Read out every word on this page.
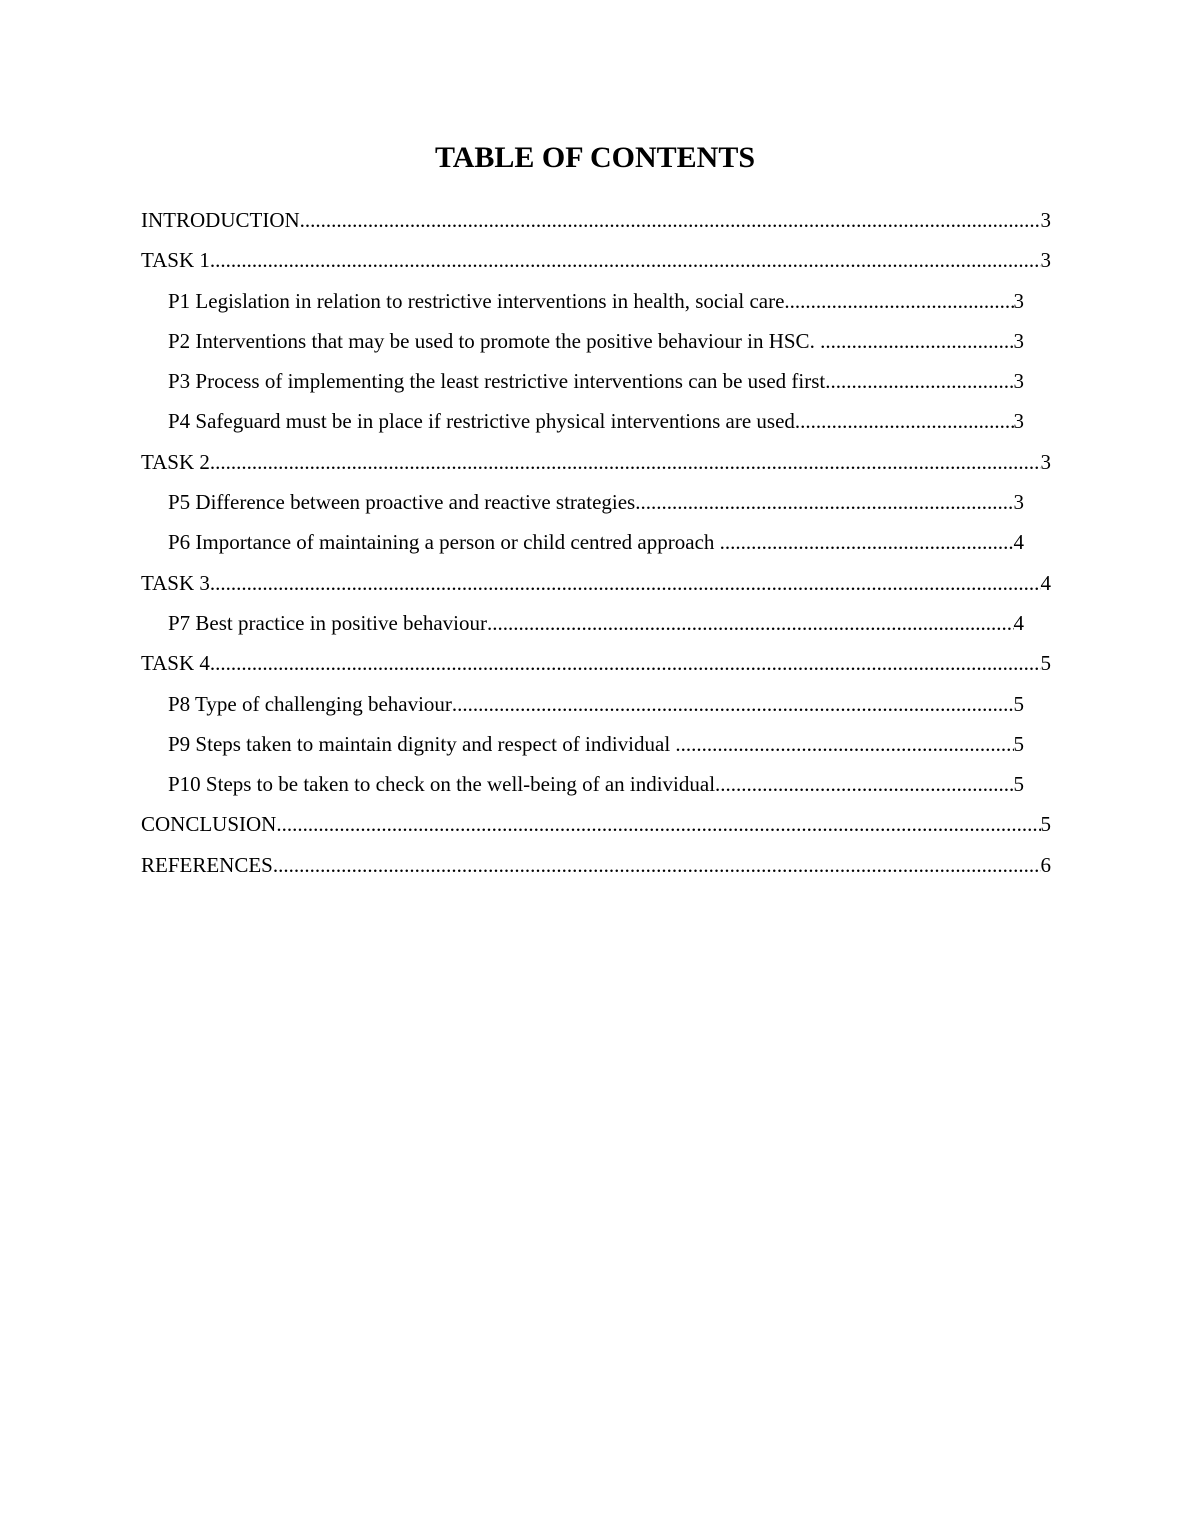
TABLE OF CONTENTS
INTRODUCTION .....	3
TASK 1 .....	3
P1 Legislation in relation to restrictive interventions in health, social care .....	3
P2 Interventions that may be used to promote the positive behaviour in HSC. .....	3
P3 Process of implementing the least restrictive interventions can be used first .....	3
P4 Safeguard must be in place if restrictive physical interventions are used .....	3
TASK 2 .....	3
P5 Difference between proactive and reactive strategies .....	3
P6 Importance of maintaining a person or child centred approach .....	4
TASK 3 .....	4
P7 Best practice in positive behaviour .....	4
TASK 4 .....	5
P8 Type of challenging behaviour .....	5
P9 Steps taken to maintain dignity and respect of individual .....	5
P10 Steps to be taken to check on the well-being of an individual .....	5
CONCLUSION .....	5
REFERENCES .....	6
